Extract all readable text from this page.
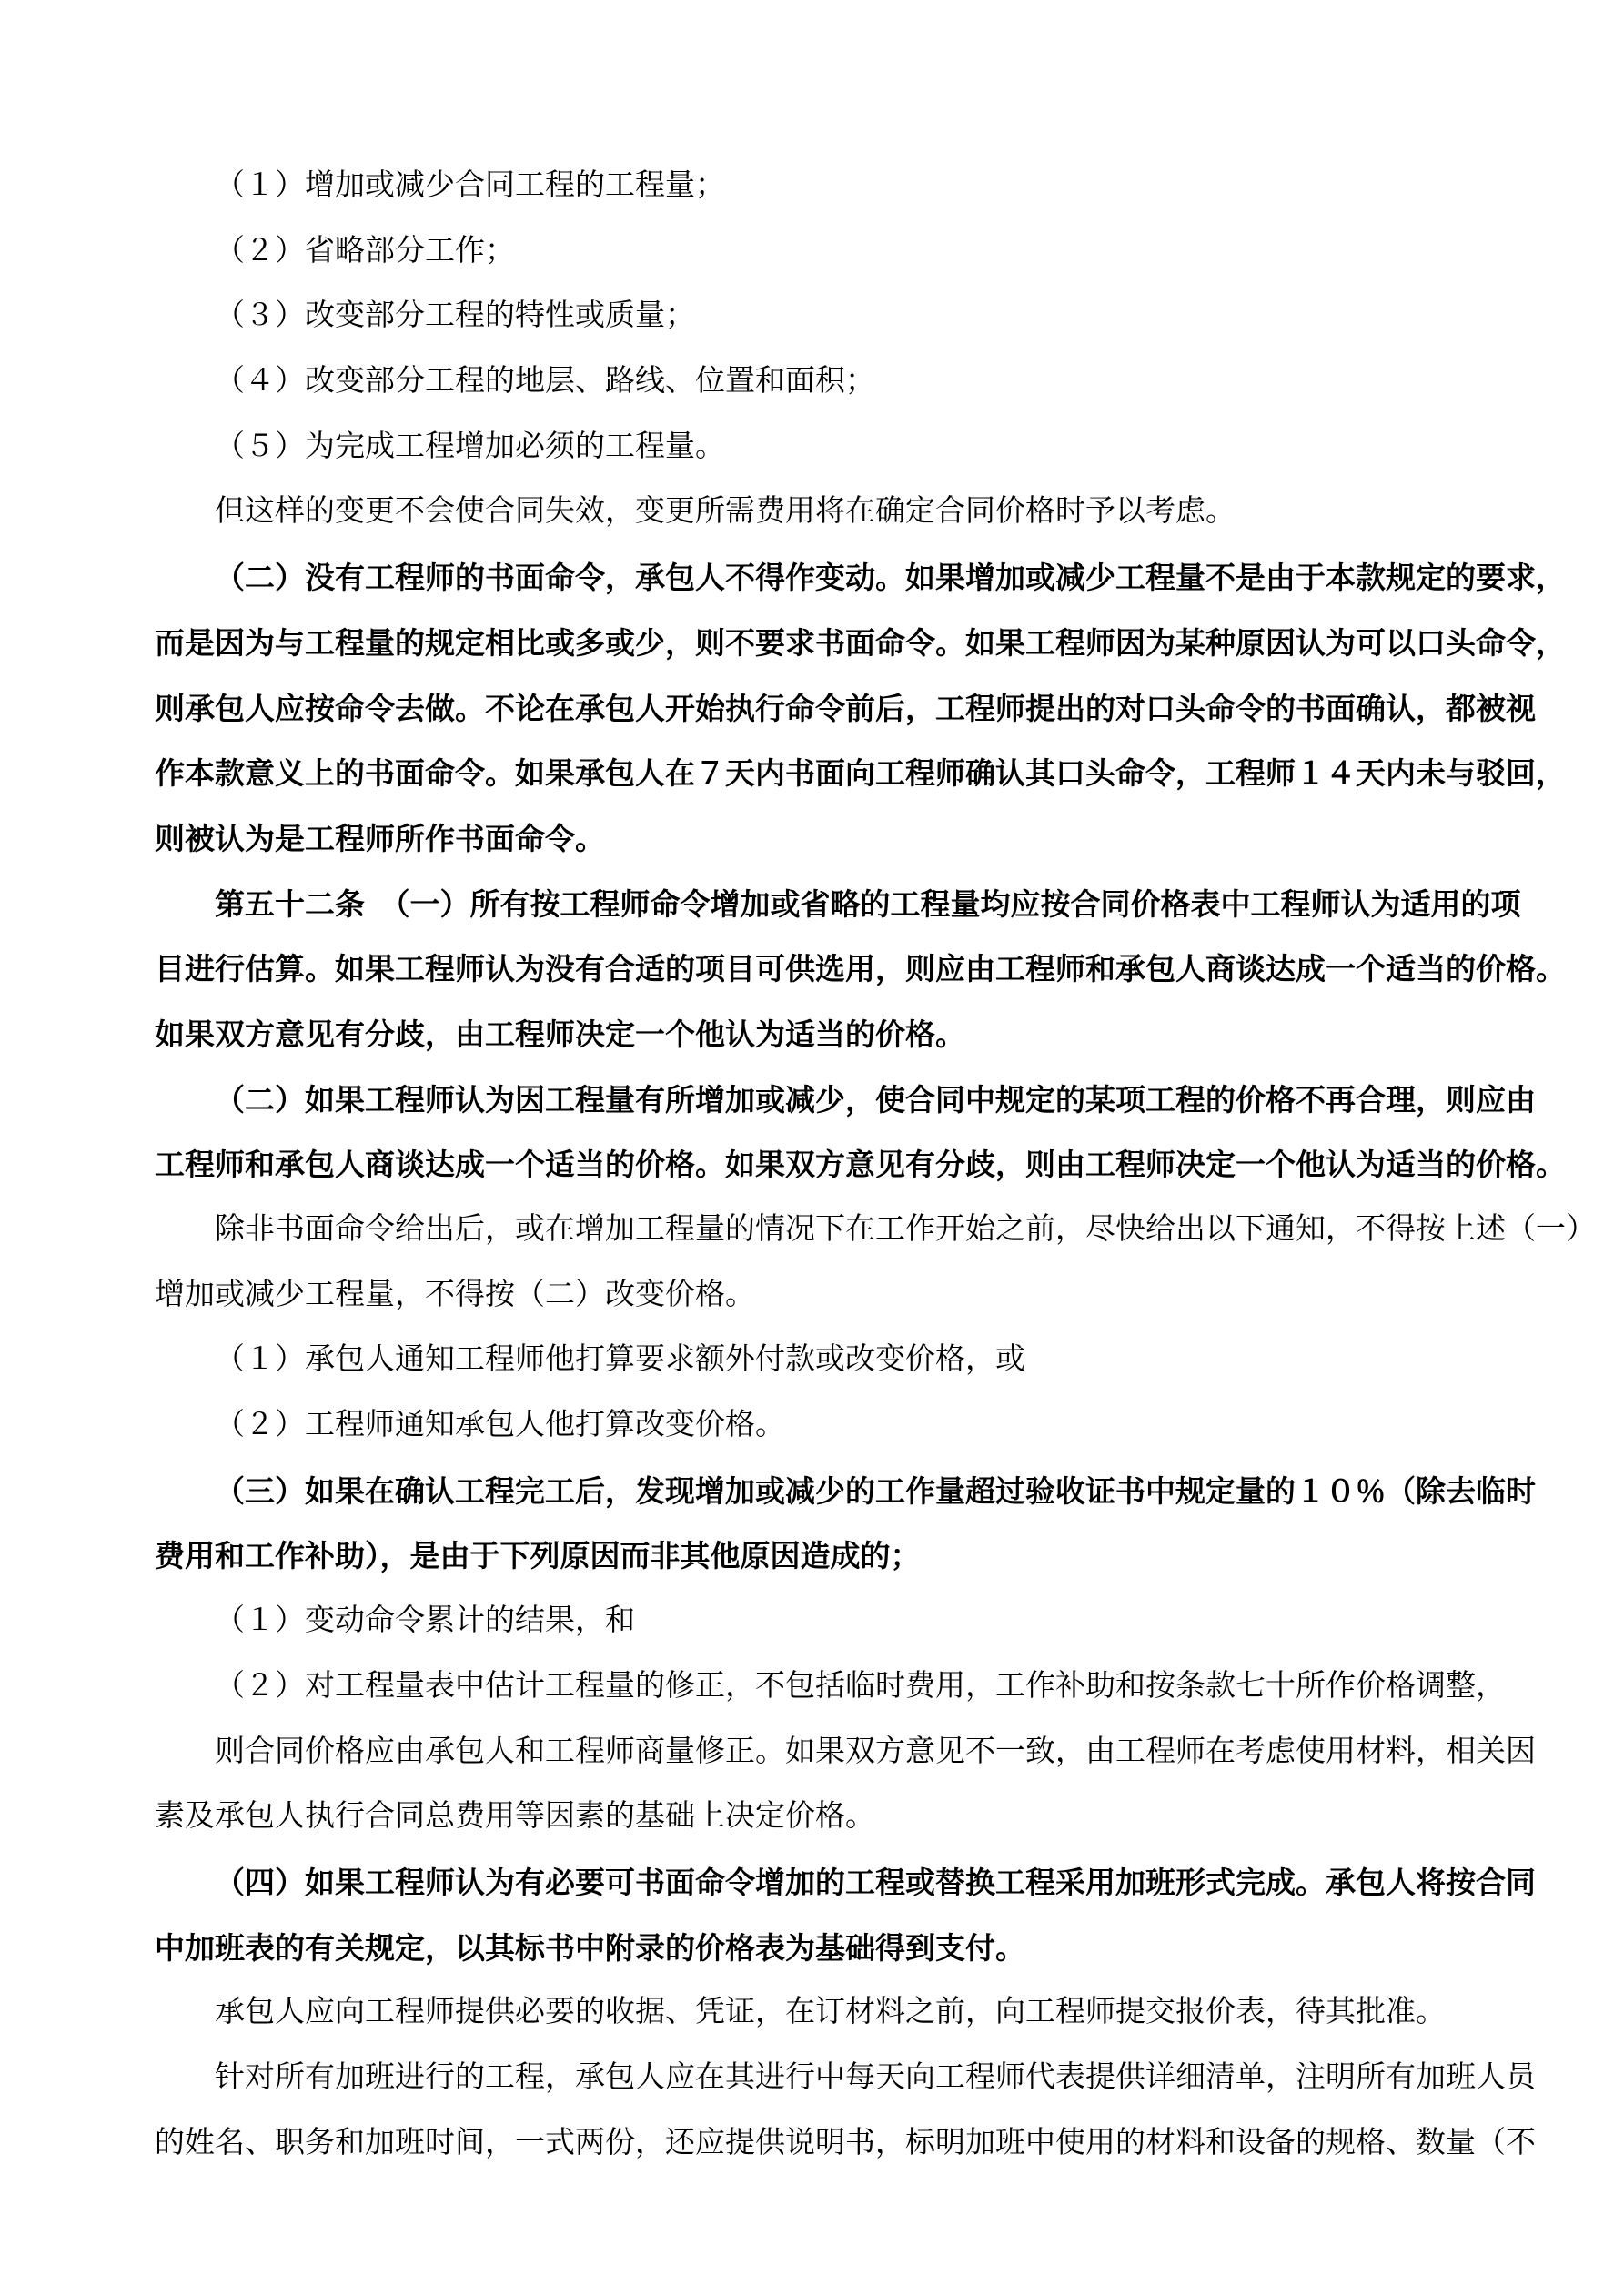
（１）增加或减少合同工程的工程量；
（２）省略部分工作；
（３）改变部分工程的特性或质量；
（４）改变部分工程的地层、路线、位置和面积；
（５）为完成工程增加必须的工程量。
但这样的变更不会使合同失效，变更所需费用将在确定合同价格时予以考虑。
（二）没有工程师的书面命令，承包人不得作变动。如果增加或减少工程量不是由于本款规定的要求，
而是因为与工程量的规定相比或多或少，则不要求书面命令。如果工程师因为某种原因认为可以口头命令，
则承包人应按命令去做。不论在承包人开始执行命令前后，工程师提出的对口头命令的书面确认，都被视
作本款意义上的书面命令。如果承包人在７天内书面向工程师确认其口头命令，工程师１４天内未与驳回，
则被认为是工程师所作书面命令。
第五十二条　（一）所有按工程师命令增加或省略的工程量均应按合同价格表中工程师认为适用的项
目进行估算。如果工程师认为没有合适的项目可供选用，则应由工程师和承包人商谈达成一个适当的价格。
如果双方意见有分歧，由工程师决定一个他认为适当的价格。
（二）如果工程师认为因工程量有所增加或减少，使合同中规定的某项工程的价格不再合理，则应由
工程师和承包人商谈达成一个适当的价格。如果双方意见有分歧，则由工程师决定一个他认为适当的价格。
除非书面命令给出后，或在增加工程量的情况下在工作开始之前，尽快给出以下通知，不得按上述（一）
增加或减少工程量，不得按（二）改变价格。
（１）承包人通知工程师他打算要求额外付款或改变价格，或
（２）工程师通知承包人他打算改变价格。
（三）如果在确认工程完工后，发现增加或减少的工作量超过验收证书中规定量的１０％（除去临时
费用和工作补助），是由于下列原因而非其他原因造成的；
（１）变动命令累计的结果，和
（２）对工程量表中估计工程量的修正，不包括临时费用，工作补助和按条款七十所作价格调整，
则合同价格应由承包人和工程师商量修正。如果双方意见不一致，由工程师在考虑使用材料，相关因
素及承包人执行合同总费用等因素的基础上决定价格。
（四）如果工程师认为有必要可书面命令增加的工程或替换工程采用加班形式完成。承包人将按合同
中加班表的有关规定，以其标书中附录的价格表为基础得到支付。
承包人应向工程师提供必要的收据、凭证，在订材料之前，向工程师提交报价表，待其批准。
针对所有加班进行的工程，承包人应在其进行中每天向工程师代表提供详细清单，注明所有加班人员
的姓名、职务和加班时间，一式两份，还应提供说明书，标明加班中使用的材料和设备的规格、数量（不
